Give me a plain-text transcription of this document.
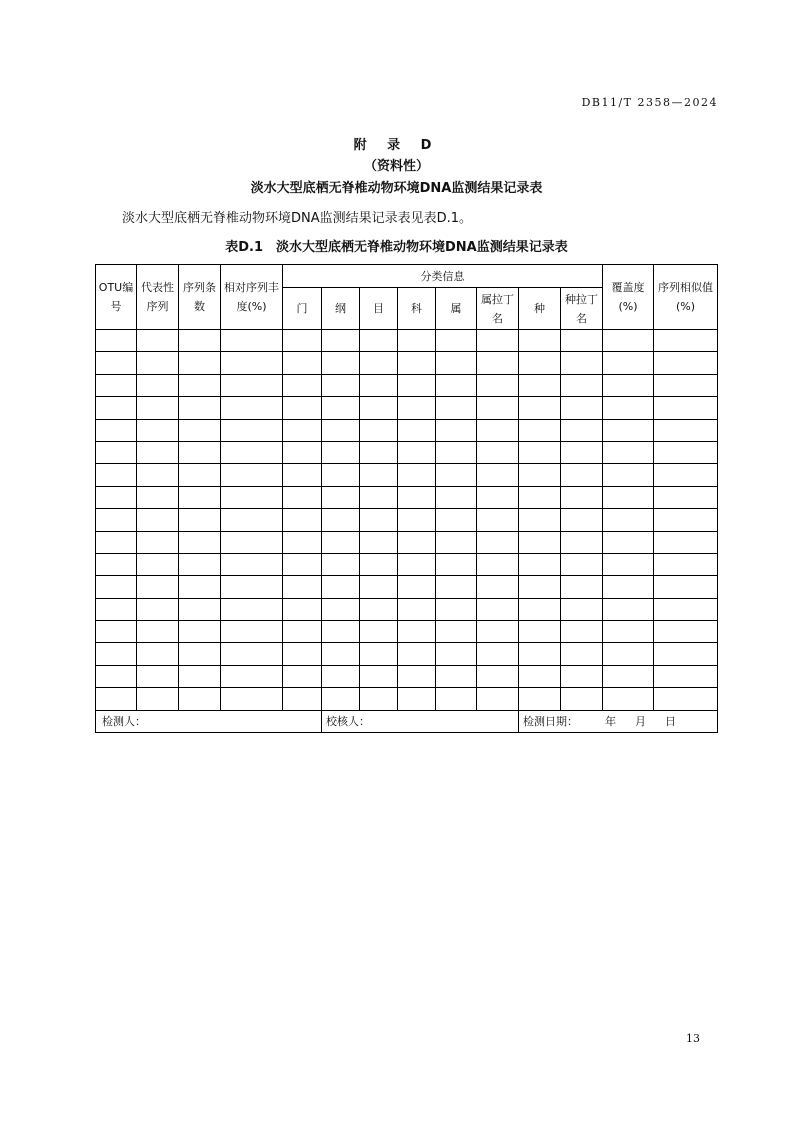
DB11/T 2358—2024
附 录 D
（资料性）
淡水大型底栖无脊椎动物环境DNA监测结果记录表
淡水大型底栖无脊椎动物环境DNA监测结果记录表见表D.1。
表D.1　淡水大型底栖无脊椎动物环境DNA监测结果记录表
OTU编号	代表性序列	序列条数	相对序列丰度(%)	分类信息								覆盖度(%)	序列相似值(%)
				门	纲	目	科	属	属拉丁名	种	种拉丁名		

检测人：					校核人：					检测日期： 年 月 日			
13
